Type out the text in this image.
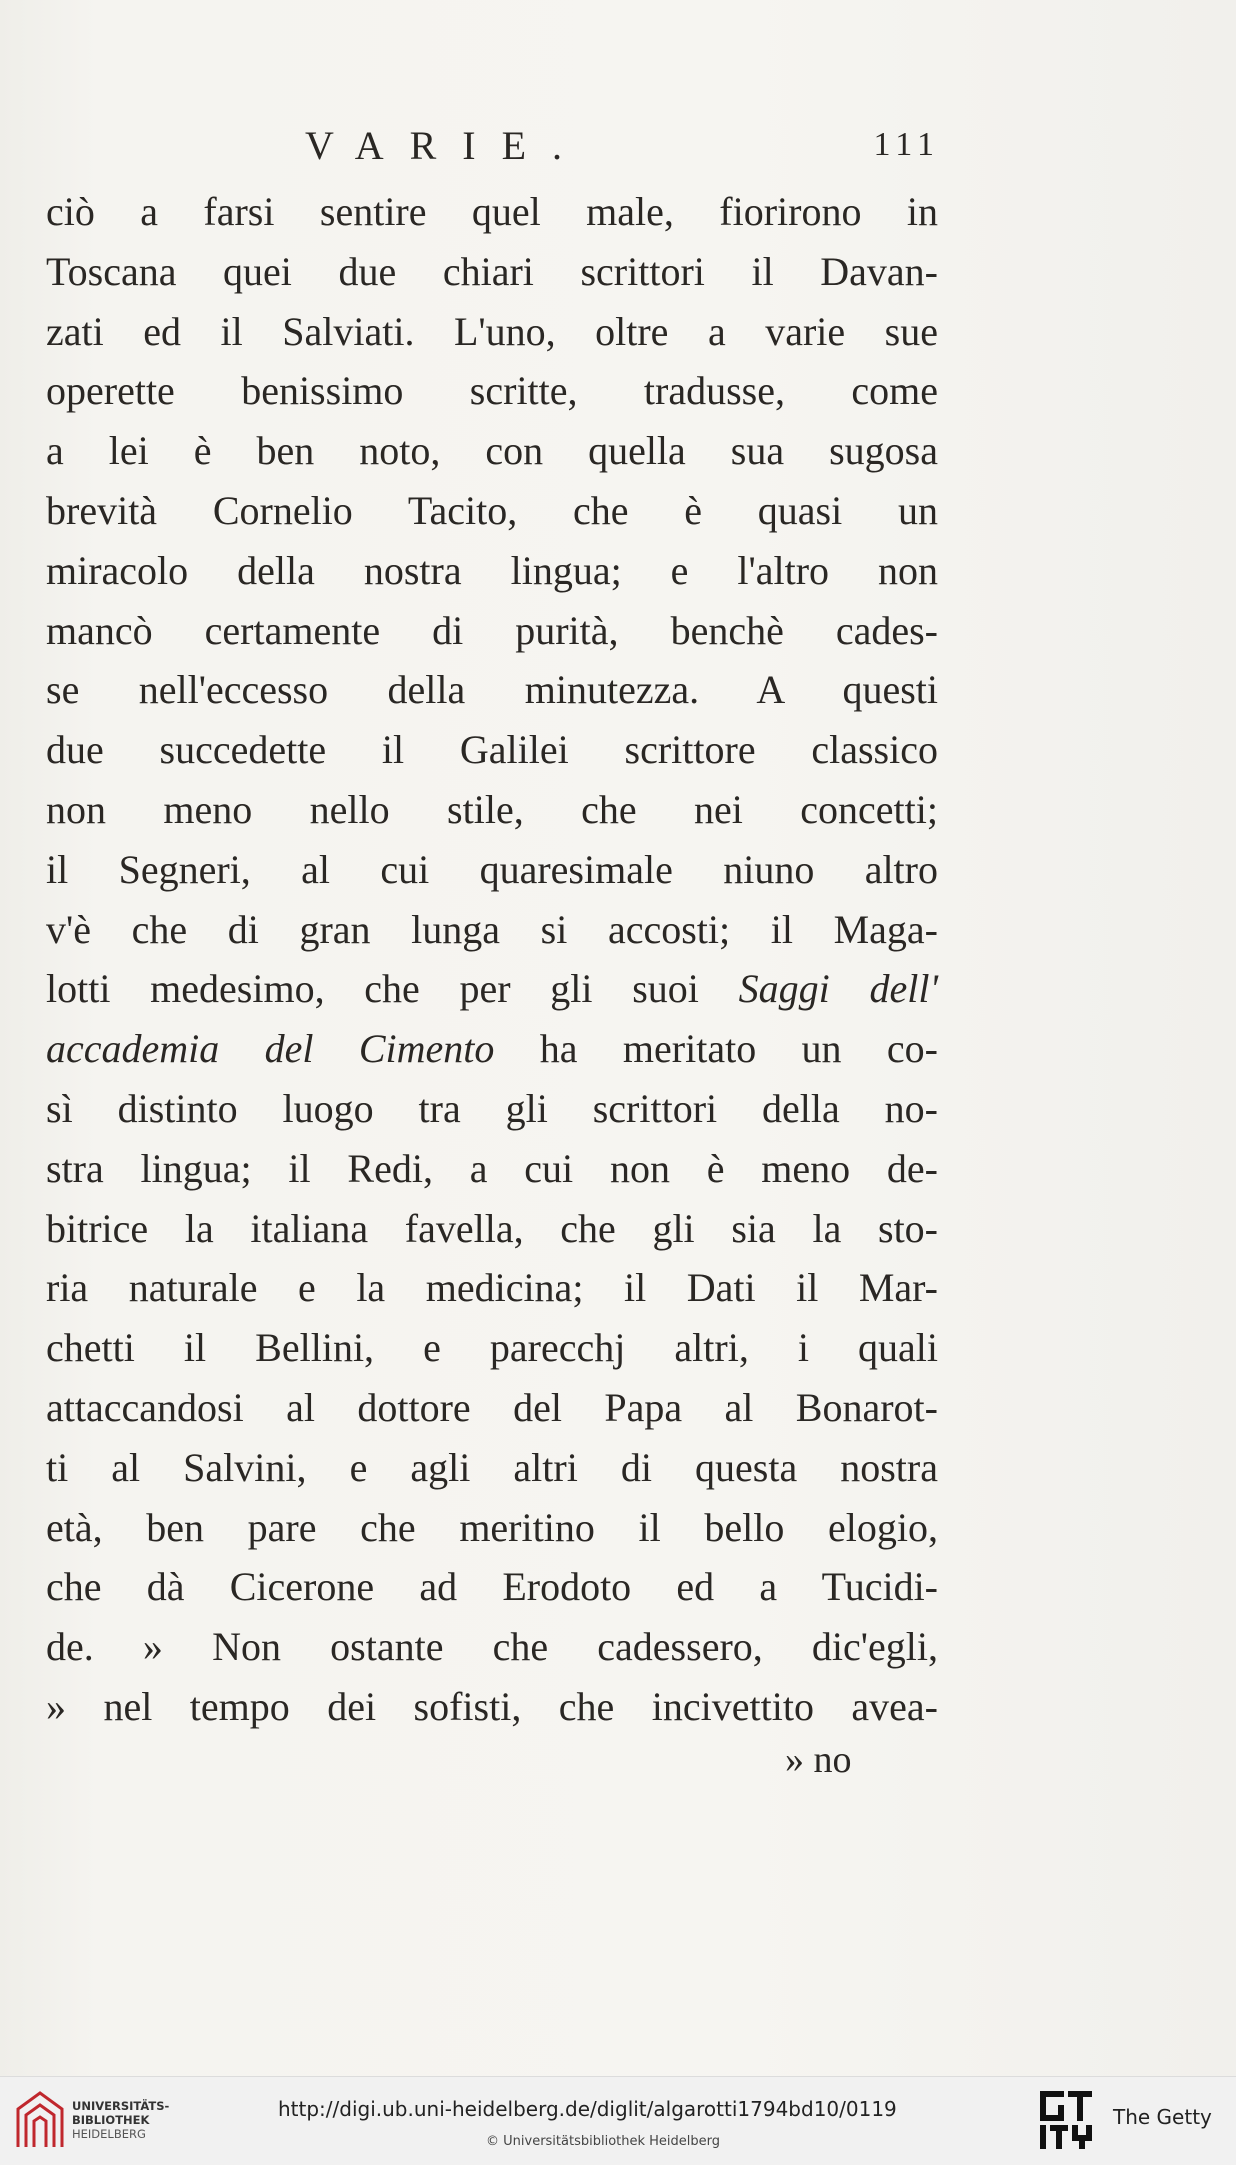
VARIE.	111
ciò a farsi sentire quel male, fiorirono in
Toscana quei due chiari scrittori il Davan-
zati ed il Salviati. L'uno, oltre a varie sue
operette benissimo scritte, tradusse, come
a lei è ben noto, con quella sua sugosa
brevità Cornelio Tacito, che è quasi un
miracolo della nostra lingua; e l'altro non
mancò certamente di purità, benchè cades-
se nell'eccesso della minutezza. A questi
due succedette il Galilei scrittore classico
non meno nello stile, che nei concetti;
il Segneri, al cui quaresimale niuno altro
v'è che di gran lunga si accosti; il Maga-
lotti medesimo, che per gli suoi Saggi dell'
accademia del Cimento ha meritato un co-
sì distinto luogo tra gli scrittori della no-
stra lingua; il Redi, a cui non è meno de-
bitrice la italiana favella, che gli sia la sto-
ria naturale e la medicina; il Dati il Mar-
chetti il Bellini, e parecchj altri, i quali
attaccandosi al dottore del Papa al Bonarot-
ti al Salvini, e agli altri di questa nostra
età, ben pare che meritino il bello elogio,
che dà Cicerone ad Erodoto ed a Tucidi-
de. » Non ostante che cadessero, dic'egli,
» nel tempo dei sofisti, che incivettito avea-
» no
UNIVERSITÄTS-
BIBLIOTHEK
HEIDELBERG
http://digi.ub.uni-heidelberg.de/diglit/algarotti1794bd10/0119
© Universitätsbibliothek Heidelberg
The Getty
